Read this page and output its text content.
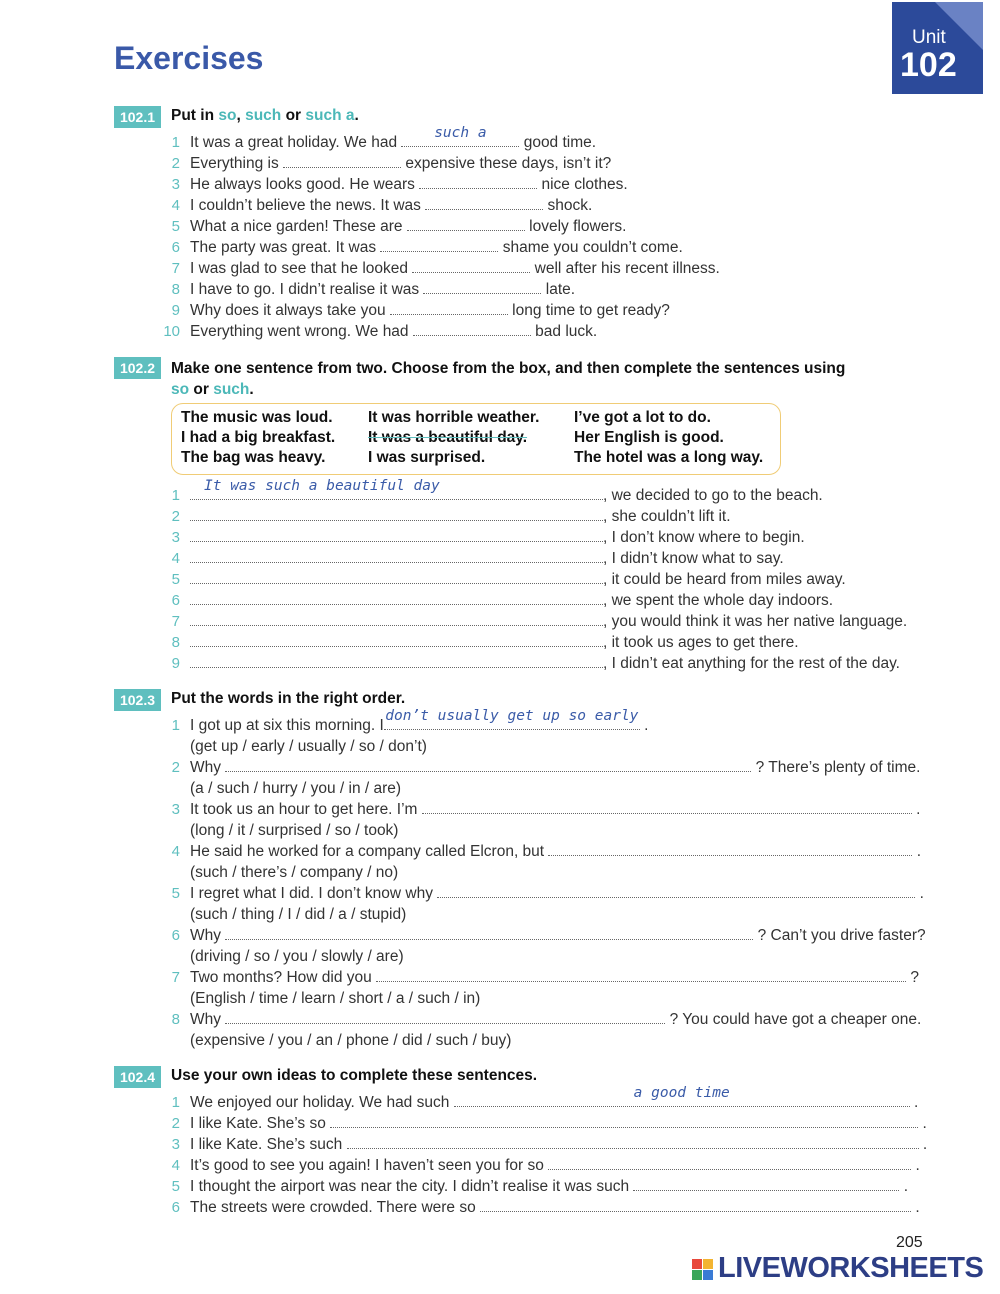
Exercises
Unit
102
102.1	Put in so, such or such a.
1 It was a great holiday. We had
such a
good time.
2 Everything is	expensive these days, isn’t it?
3 He always looks good. He wears	nice clothes.
4 I couldn’t believe the news. It was	shock.
5 What a nice garden! These are	lovely flowers.
6 The party was great. It was	shame you couldn’t come.
7 I was glad to see that he looked	well after his recent illness.
8 I have to go. I didn’t realise it was	late.
9 Why does it always take you	long time to get ready?
10 Everything went wrong. We had	bad luck.
102.2	Make one sentence from two. Choose from the box, and then complete the sentences using
so or such.
The music was loud. It was horrible weather. I’ve got a lot to do.
I had a big breakfast. It was a beautiful day.	Her English is good.
The bag was heavy.	I was surprised.	The hotel was a long way.
1
It was such a beautiful day
, we decided to go to the beach.
2	, she couldn’t lift it.
3	, I don’t know where to begin.
4	, I didn’t know what to say.
5	, it could be heard from miles away.
6	, we spent the whole day indoors.
7	, you would think it was her native language.
8	, it took us ages to get there.
9	, I didn’t eat anything for the rest of the day.
102.3	Put the words in the right order.
1 I got up at six this morning. I
don’t usually get up so early
.
(get up / early / usually / so / don’t)
2 Why	? There’s plenty of time.
(a / such / hurry / you / in / are)
3 It took us an hour to get here. I’m	.
(long / it / surprised / so / took)
4 He said he worked for a company called Elcron, but	.
(such / there’s / company / no)
5 I regret what I did. I don’t know why	.
(such / thing / I / did / a / stupid)
6 Why	? Can’t you drive faster?
(driving / so / you / slowly / are)
7 Two months? How did you	?
(English / time / learn / short / a / such / in)
8 Why	? You could have got a cheaper one.
(expensive / you / an / phone / did / such / buy)
102.4	Use your own ideas to complete these sentences.
1 We enjoyed our holiday. We had such
a good time
.
2 I like Kate. She’s so	.
3 I like Kate. She’s such	.
4 It’s good to see you again! I haven’t seen you for so	.
5 I thought the airport was near the city. I didn’t realise it was such	.
6 The streets were crowded. There were so	.
205
LIVEWORKSHEETS
